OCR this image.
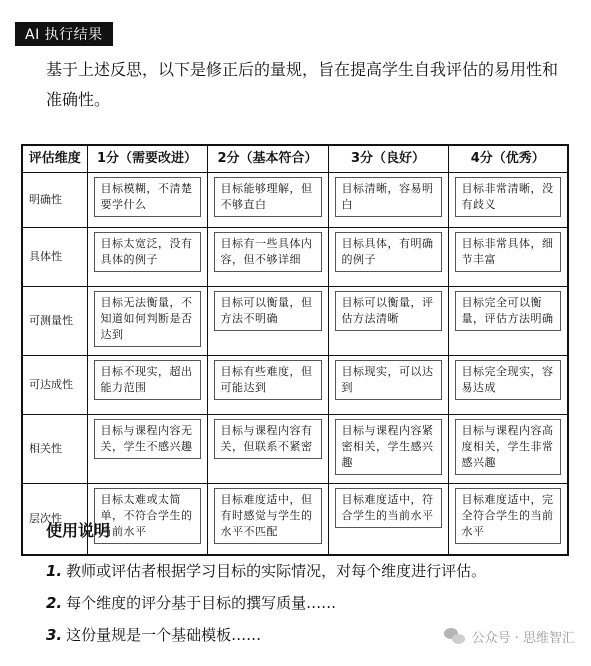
AI 执行结果
基于上述反思，以下是修正后的量规，旨在提高学生自我评估的易用性和准确性。
评估维度	1分（需要改进）	2分（基本符合）	3分（良好）	4分（优秀）
明确性	目标模糊，不清楚要学什么	目标能够理解，但不够直白	目标清晰，容易明白	目标非常清晰，没有歧义

具体性	目标太宽泛，没有具体的例子	目标有一些具体内容，但不够详细	目标具体，有明确的例子	目标非常具体，细节丰富

可测量性	目标无法衡量，不知道如何判断是否达到	目标可以衡量，但方法不明确	目标可以衡量，评估方法清晰	目标完全可以衡量，评估方法明确

可达成性	目标不现实，超出能力范围	目标有些难度，但可能达到	目标现实，可以达到	目标完全现实，容易达成

相关性	目标与课程内容无关，学生不感兴趣	目标与课程内容有关，但联系不紧密	目标与课程内容紧密相关，学生感兴趣	目标与课程内容高度相关，学生非常感兴趣

层次性	目标太难或太简单，不符合学生的当前水平	目标难度适中，但有时感觉与学生的水平不匹配	目标难度适中，符合学生的当前水平	目标难度适中，完全符合学生的当前水平
使用说明
1. 教师或评估者根据学习目标的实际情况，对每个维度进行评估。
2. 每个维度的评分基于目标的撰写质量……
3. 这份量规是一个基础模板……	公众号 · 思维智汇
